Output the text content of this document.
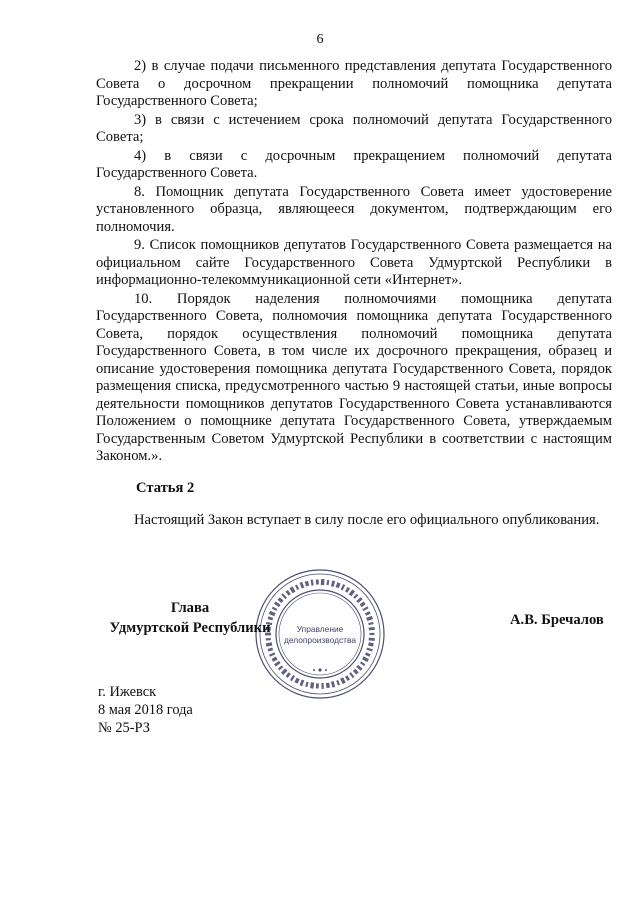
6

2) в случае подачи письменного представления депутата Государственного Совета о досрочном прекращении полномочий помощника депутата Государственного Совета;

3) в связи с истечением срока полномочий депутата Государственного Совета;

4) в связи с досрочным прекращением полномочий депутата Государственного Совета.

8. Помощник депутата Государственного Совета имеет удостоверение установленного образца, являющееся документом, подтверждающим его полномочия.

9. Список помощников депутатов Государственного Совета размещается на официальном сайте Государственного Совета Удмуртской Республики в информационно-телекоммуникационной сети «Интернет».

10. Порядок наделения полномочиями помощника депутата Государственного Совета, полномочия помощника депутата Государственного Совета, порядок осуществления полномочий помощника депутата Государственного Совета, в том числе их досрочного прекращения, образец и описание удостоверения помощника депутата Государственного Совета, порядок размещения списка, предусмотренного частью 9 настоящей статьи, иные вопросы деятельности помощников депутатов Государственного Совета устанавливаются Положением о помощнике депутата Государственного Совета, утверждаемым Государственным Советом Удмуртской Республики в соответствии с настоящим Законом.».

Статья 2

Настоящий Закон вступает в силу после его официального опубликования.

Управление
делопроизводства
Глава
Удмуртской Республики	А.В. Бречалов
г. Ижевск
8 мая 2018 года
№ 25-РЗ
